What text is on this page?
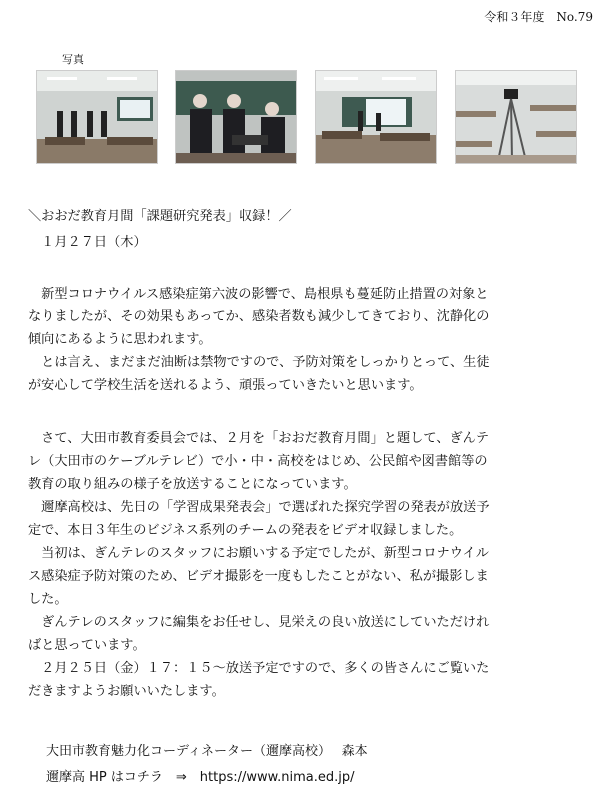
令和３年度　No.79
写真
＼おおだ教育月間「課題研究発表」収録！／
　１月２７日（木）
　新型コロナウイルス感染症第六波の影響で、島根県も蔓延防止措置の対象と
なりましたが、その効果もあってか、感染者数も減少してきており、沈静化の
傾向にあるように思われます。
　とは言え、まだまだ油断は禁物ですので、予防対策をしっかりとって、生徒
が安心して学校生活を送れるよう、頑張っていきたいと思います。
　さて、大田市教育委員会では、２月を「おおだ教育月間」と題して、ぎんテ
レ（大田市のケーブルテレビ）で小・中・高校をはじめ、公民館や図書館等の
教育の取り組みの様子を放送することになっています。
　邇摩高校は、先日の「学習成果発表会」で選ばれた探究学習の発表が放送予
定で、本日３年生のビジネス系列のチームの発表をビデオ収録しました。
　当初は、ぎんテレのスタッフにお願いする予定でしたが、新型コロナウイル
ス感染症予防対策のため、ビデオ撮影を一度もしたことがない、私が撮影しま
した。
　ぎんテレのスタッフに編集をお任せし、見栄えの良い放送にしていただけれ
ばと思っています。
　２月２５日（金）１７：１５〜放送予定ですので、多くの皆さんにご覧いた
だきますようお願いいたします。
大田市教育魅力化コーディネーター（邇摩高校）　 森本
邇摩高 HP はコチラ　⇒　https://www.nima.ed.jp/
